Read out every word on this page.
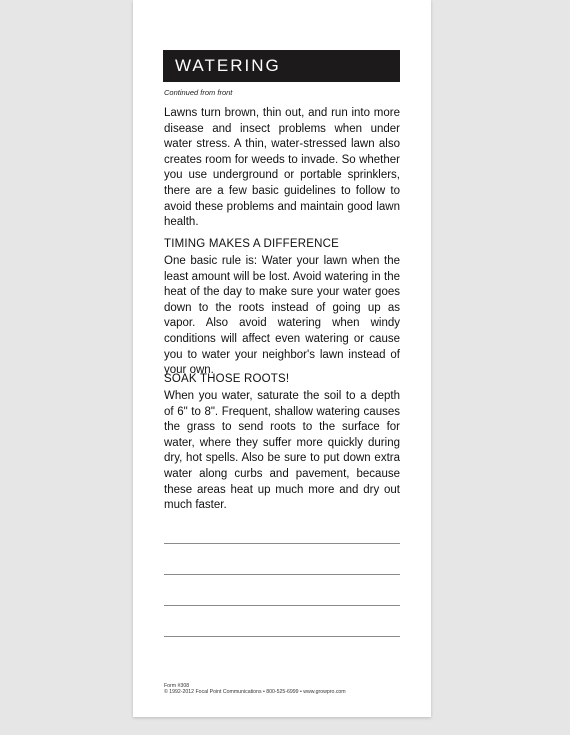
WATERING
Continued from front
Lawns turn brown, thin out, and run into more disease and insect problems when under water stress. A thin, water-stressed lawn also creates room for weeds to invade. So whether you use underground or portable sprinklers, there are a few basic guidelines to follow to avoid these problems and maintain good lawn health.
TIMING MAKES A DIFFERENCE
One basic rule is: Water your lawn when the least amount will be lost. Avoid watering in the heat of the day to make sure your water goes down to the roots instead of going up as vapor. Also avoid watering when windy conditions will affect even watering or cause you to water your neighbor's lawn instead of your own.
SOAK THOSE ROOTS!
When you water, saturate the soil to a depth of 6" to 8". Frequent, shallow watering causes the grass to send roots to the surface for water, where they suffer more quickly during dry, hot spells. Also be sure to put down extra water along curbs and pavement, because these areas heat up much more and dry out much faster.
Form #308
© 1992-2012 Focal Point Communications • 800-525-6999 • www.growpro.com
